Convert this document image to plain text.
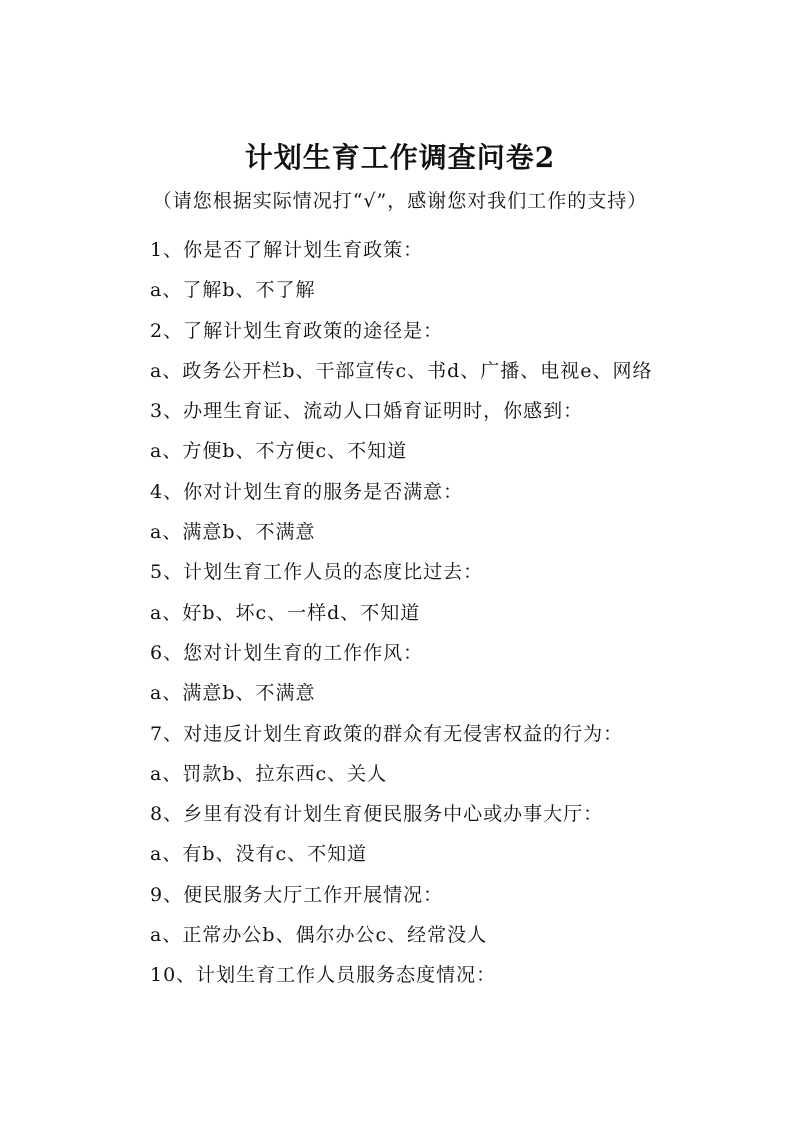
计划生育工作调查问卷2
（请您根据实际情况打“√”，感谢您对我们工作的支持）
1、你是否了解计划生育政策：
a、了解b、不了解
2、了解计划生育政策的途径是：
a、政务公开栏b、干部宣传c、书d、广播、电视e、网络
3、办理生育证、流动人口婚育证明时，你感到：
a、方便b、不方便c、不知道
4、你对计划生育的服务是否满意：
a、满意b、不满意
5、计划生育工作人员的态度比过去：
a、好b、坏c、一样d、不知道
6、您对计划生育的工作作风：
a、满意b、不满意
7、对违反计划生育政策的群众有无侵害权益的行为：
a、罚款b、拉东西c、关人
8、乡里有没有计划生育便民服务中心或办事大厅：
a、有b、没有c、不知道
9、便民服务大厅工作开展情况：
a、正常办公b、偶尔办公c、经常没人
10、计划生育工作人员服务态度情况：
